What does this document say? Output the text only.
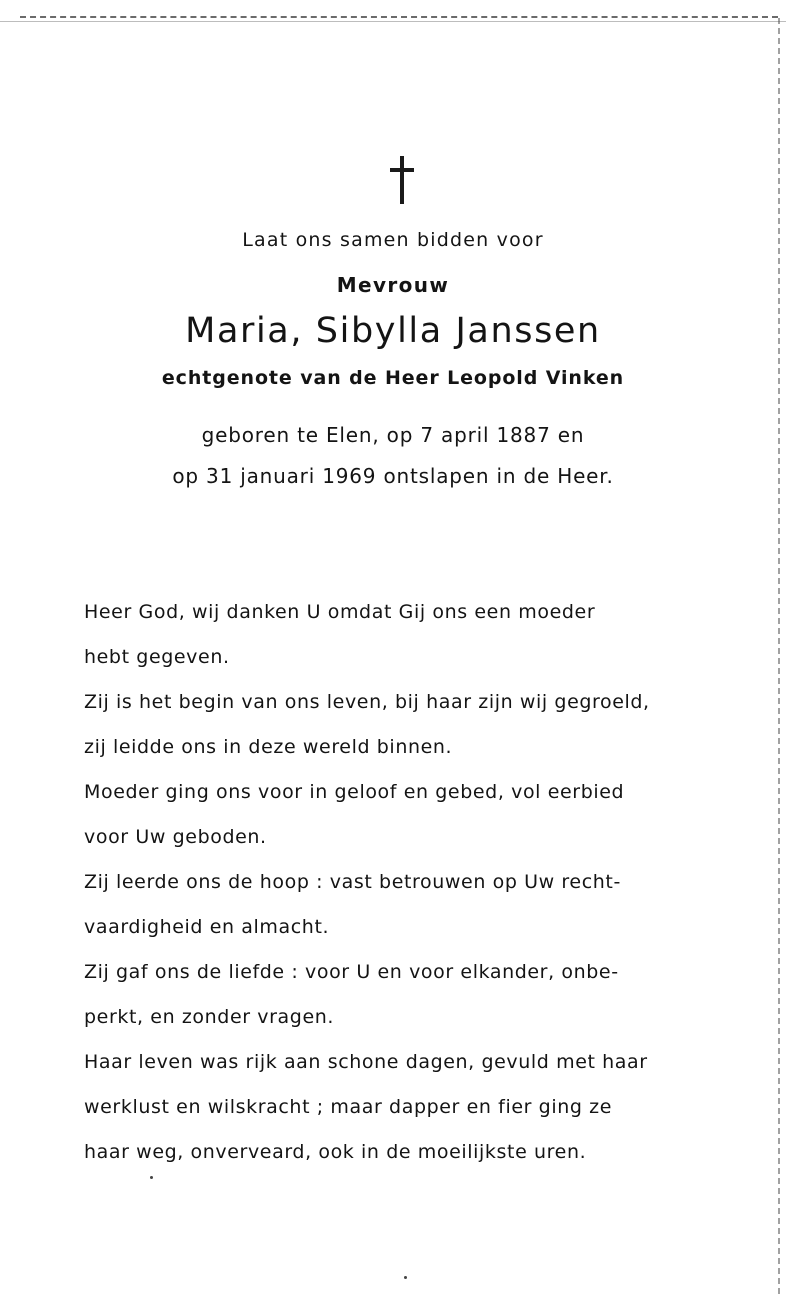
Laat ons samen bidden voor
Mevrouw
Maria, Sibylla Janssen
echtgenote van de Heer Leopold Vinken
geboren te Elen, op 7 april 1887 en
op 31 januari 1969 ontslapen in de Heer.
Heer God, wij danken U omdat Gij ons een moeder
hebt gegeven.
Zij is het begin van ons leven, bij haar zijn wij gegroeld,
zij leidde ons in deze wereld binnen.
Moeder ging ons voor in geloof en gebed, vol eerbied
voor Uw geboden.
Zij leerde ons de hoop : vast betrouwen op Uw recht-
vaardigheid en almacht.
Zij gaf ons de liefde : voor U en voor elkander, onbe-
perkt, en zonder vragen.
Haar leven was rijk aan schone dagen, gevuld met haar
werklust en wilskracht ; maar dapper en fier ging ze
haar weg, onverveard, ook in de moeilijkste uren.
